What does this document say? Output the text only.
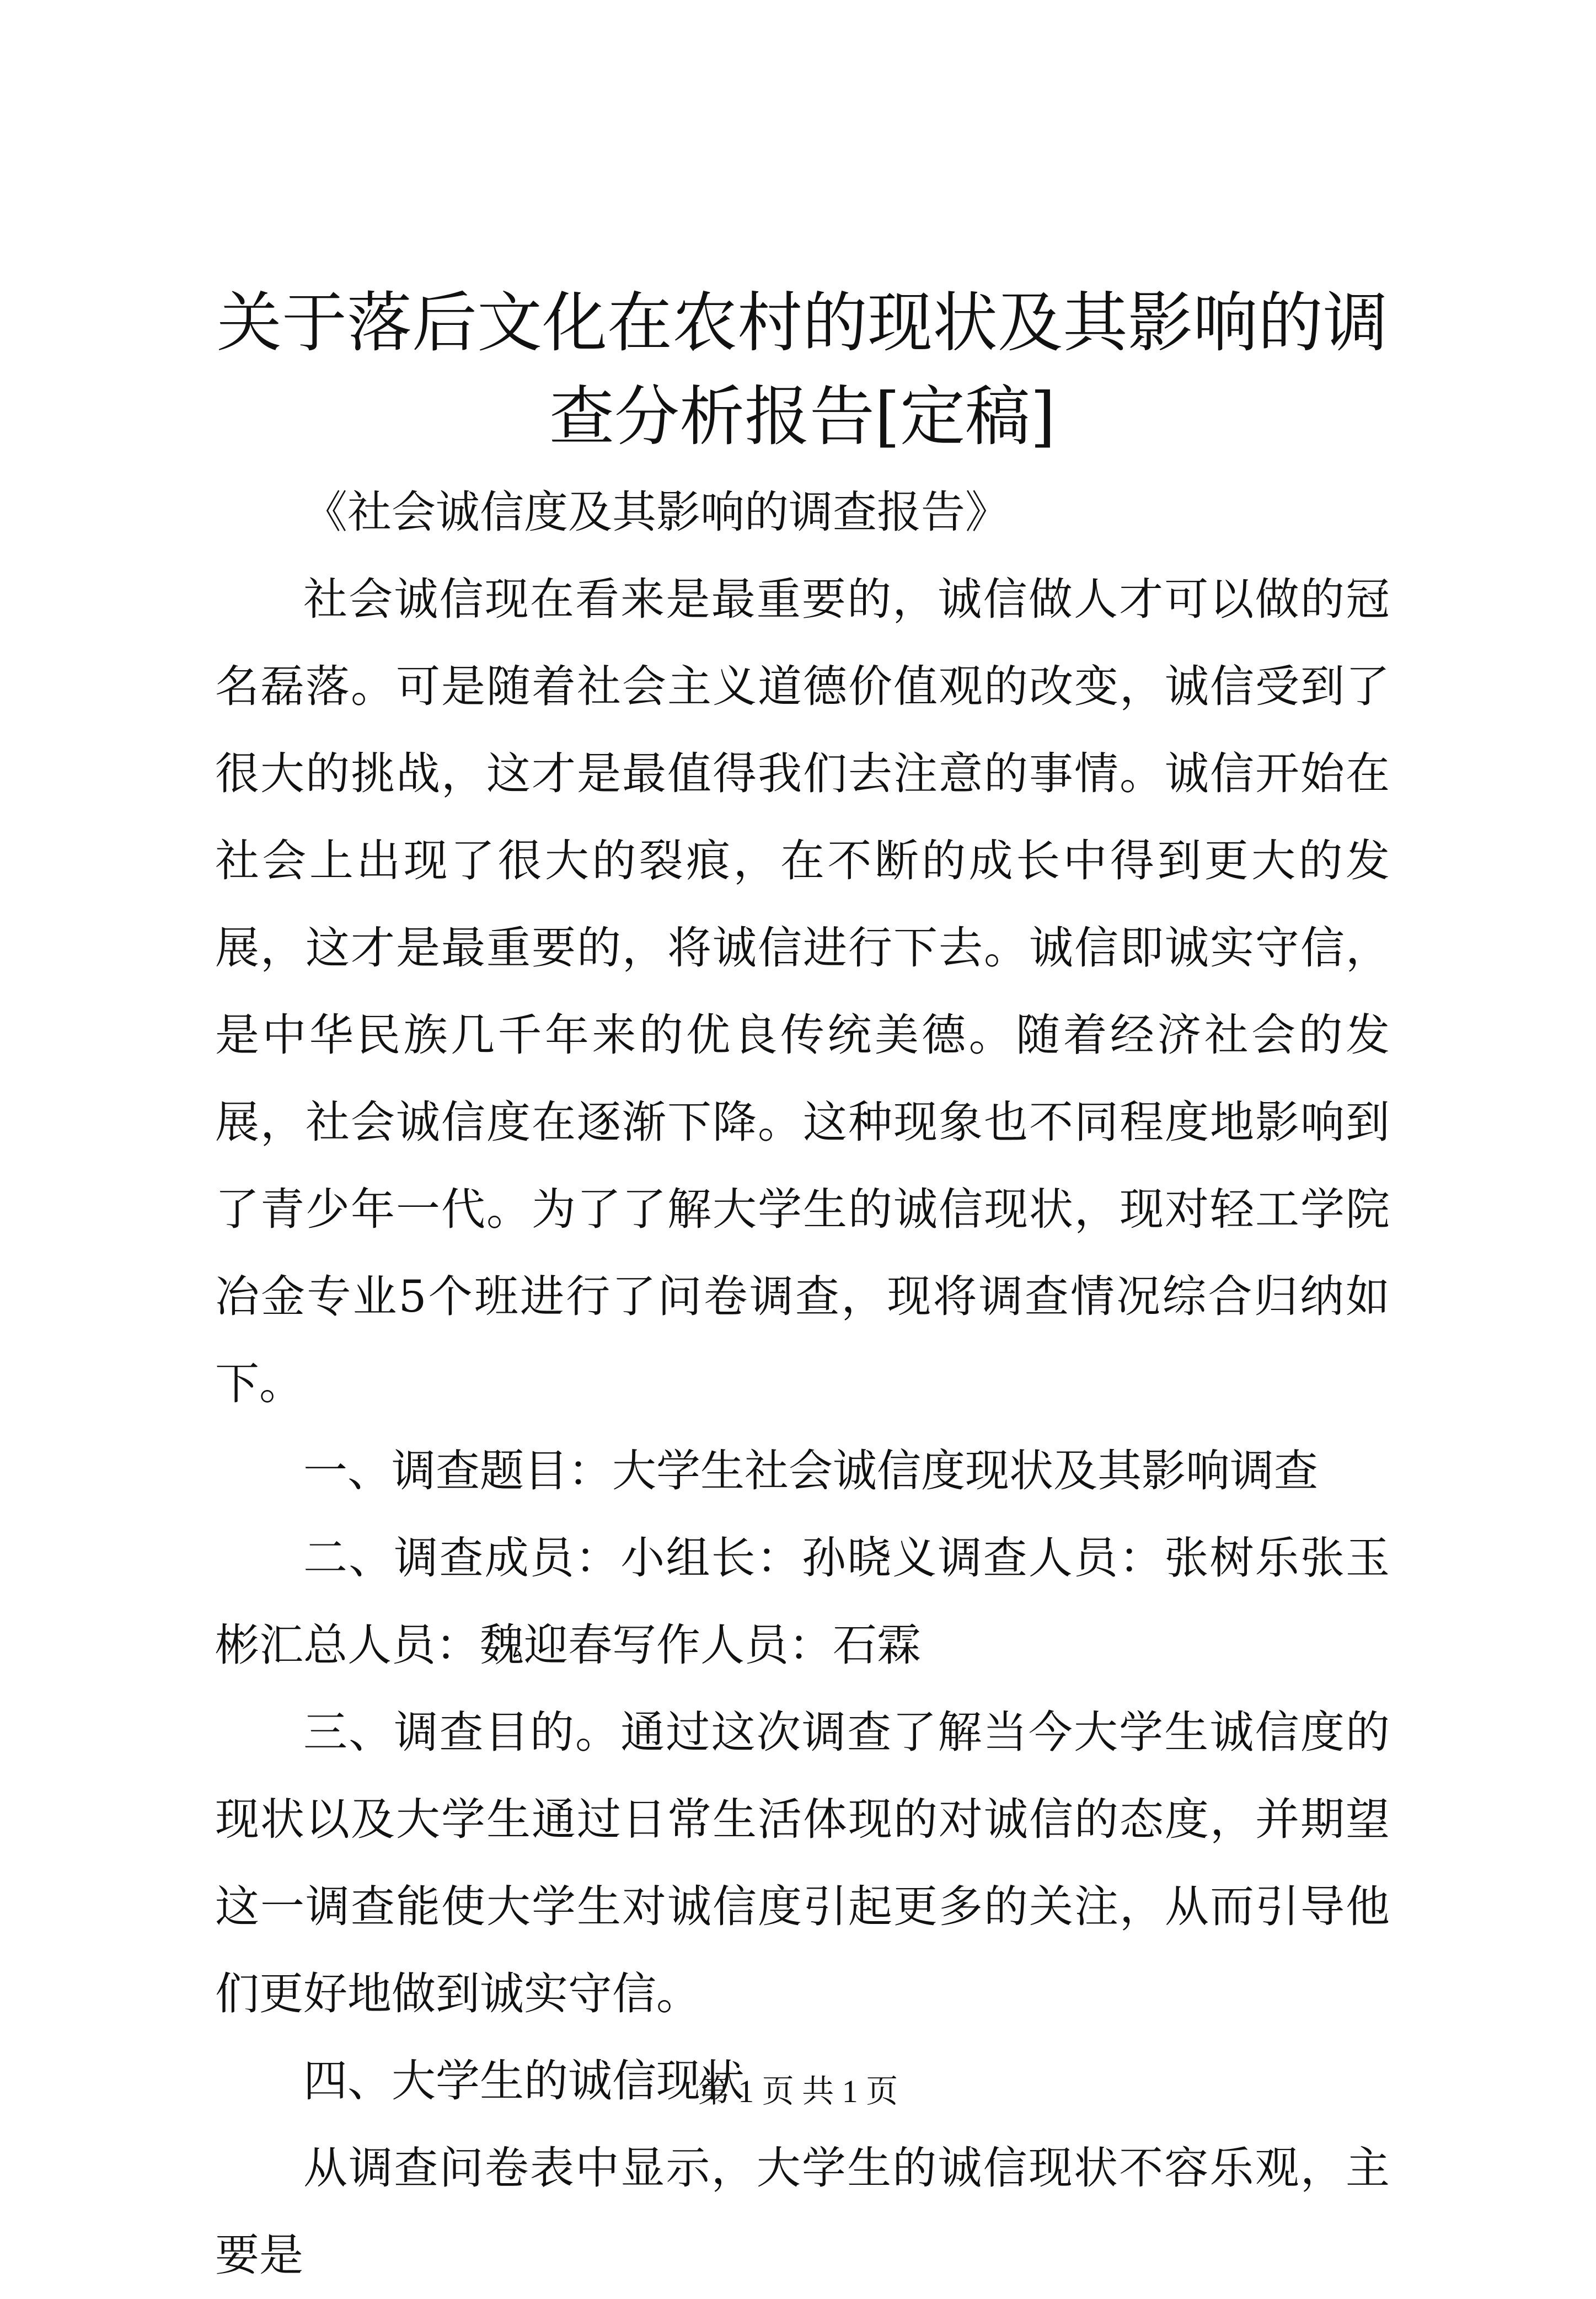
关于落后文化在农村的现状及其影响的调查分析报告[定稿]

《社会诚信度及其影响的调查报告》

社会诚信现在看来是最重要的，诚信做人才可以做的冠名磊落。可是随着社会主义道德价值观的改变，诚信受到了很大的挑战，这才是最值得我们去注意的事情。诚信开始在社会上出现了很大的裂痕，在不断的成长中得到更大的发展，这才是最重要的，将诚信进行下去。诚信即诚实守信，是中华民族几千年来的优良传统美德。随着经济社会的发展，社会诚信度在逐渐下降。这种现象也不同程度地影响到了青少年一代。为了了解大学生的诚信现状，现对轻工学院冶金专业5个班进行了问卷调查，现将调查情况综合归纳如下。

一、调查题目：大学生社会诚信度现状及其影响调查

二、调查成员：小组长：孙晓义调查人员：张树乐张玉彬汇总人员：魏迎春写作人员：石霖

三、调查目的。通过这次调查了解当今大学生诚信度的现状以及大学生通过日常生活体现的对诚信的态度，并期望这一调查能使大学生对诚信度引起更多的关注，从而引导他们更好地做到诚实守信。

四、大学生的诚信现状

从调查问卷表中显示，大学生的诚信现状不容乐观，主要是

第 1 页 共 1 页
